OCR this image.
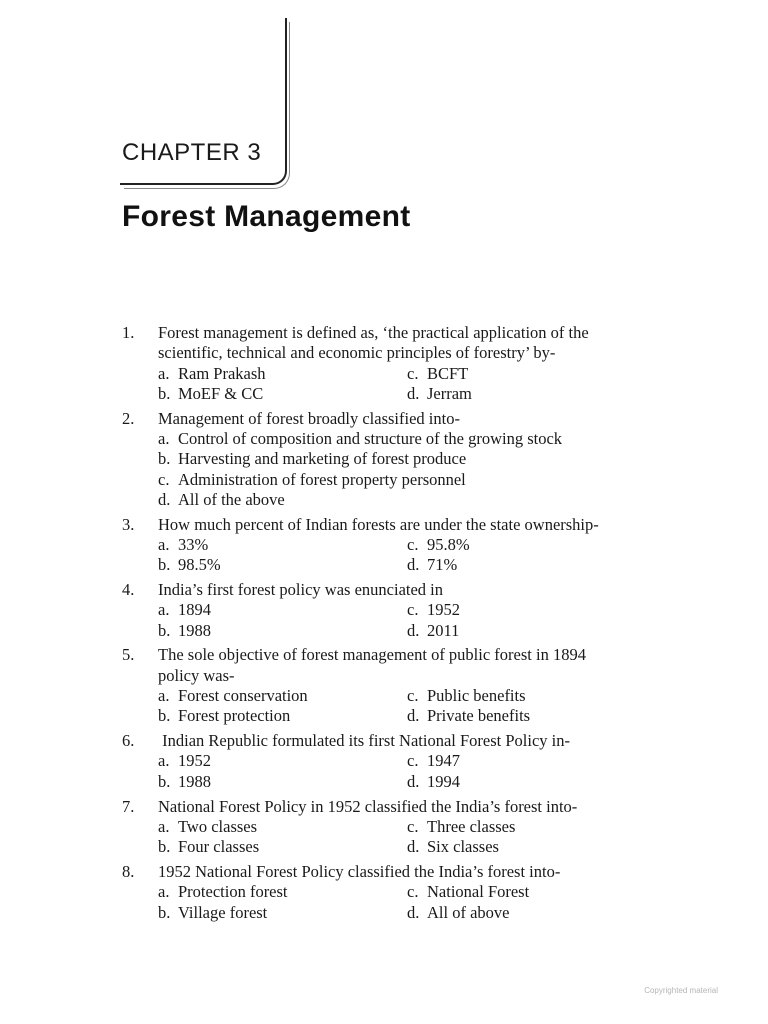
CHAPTER 3
Forest Management
1. Forest management is defined as, ‘the practical application of the
scientific, technical and economic principles of forestry’ by-
a. Ram Prakash	c. BCFT
b. MoEF & CC	d. Jerram
2. Management of forest broadly classified into-
a. Control of composition and structure of the growing stock
b. Harvesting and marketing of forest produce
c. Administration of forest property personnel
d. All of the above
3. How much percent of Indian forests are under the state ownership-
a. 33%	c. 95.8%
b. 98.5%	d. 71%
4. India’s first forest policy was enunciated in
a. 1894	c. 1952
b. 1988	d. 2011
5. The sole objective of forest management of public forest in 1894
policy was-
a. Forest conservation	c. Public benefits
b. Forest protection	d. Private benefits
6. Indian Republic formulated its first National Forest Policy in-
a. 1952	c. 1947
b. 1988	d. 1994
7. National Forest Policy in 1952 classified the India’s forest into-
a. Two classes	c. Three classes
b. Four classes	d. Six classes
8. 1952 National Forest Policy classified the India’s forest into-
a. Protection forest	c. National Forest
b. Village forest	d. All of above
Copyrighted material
